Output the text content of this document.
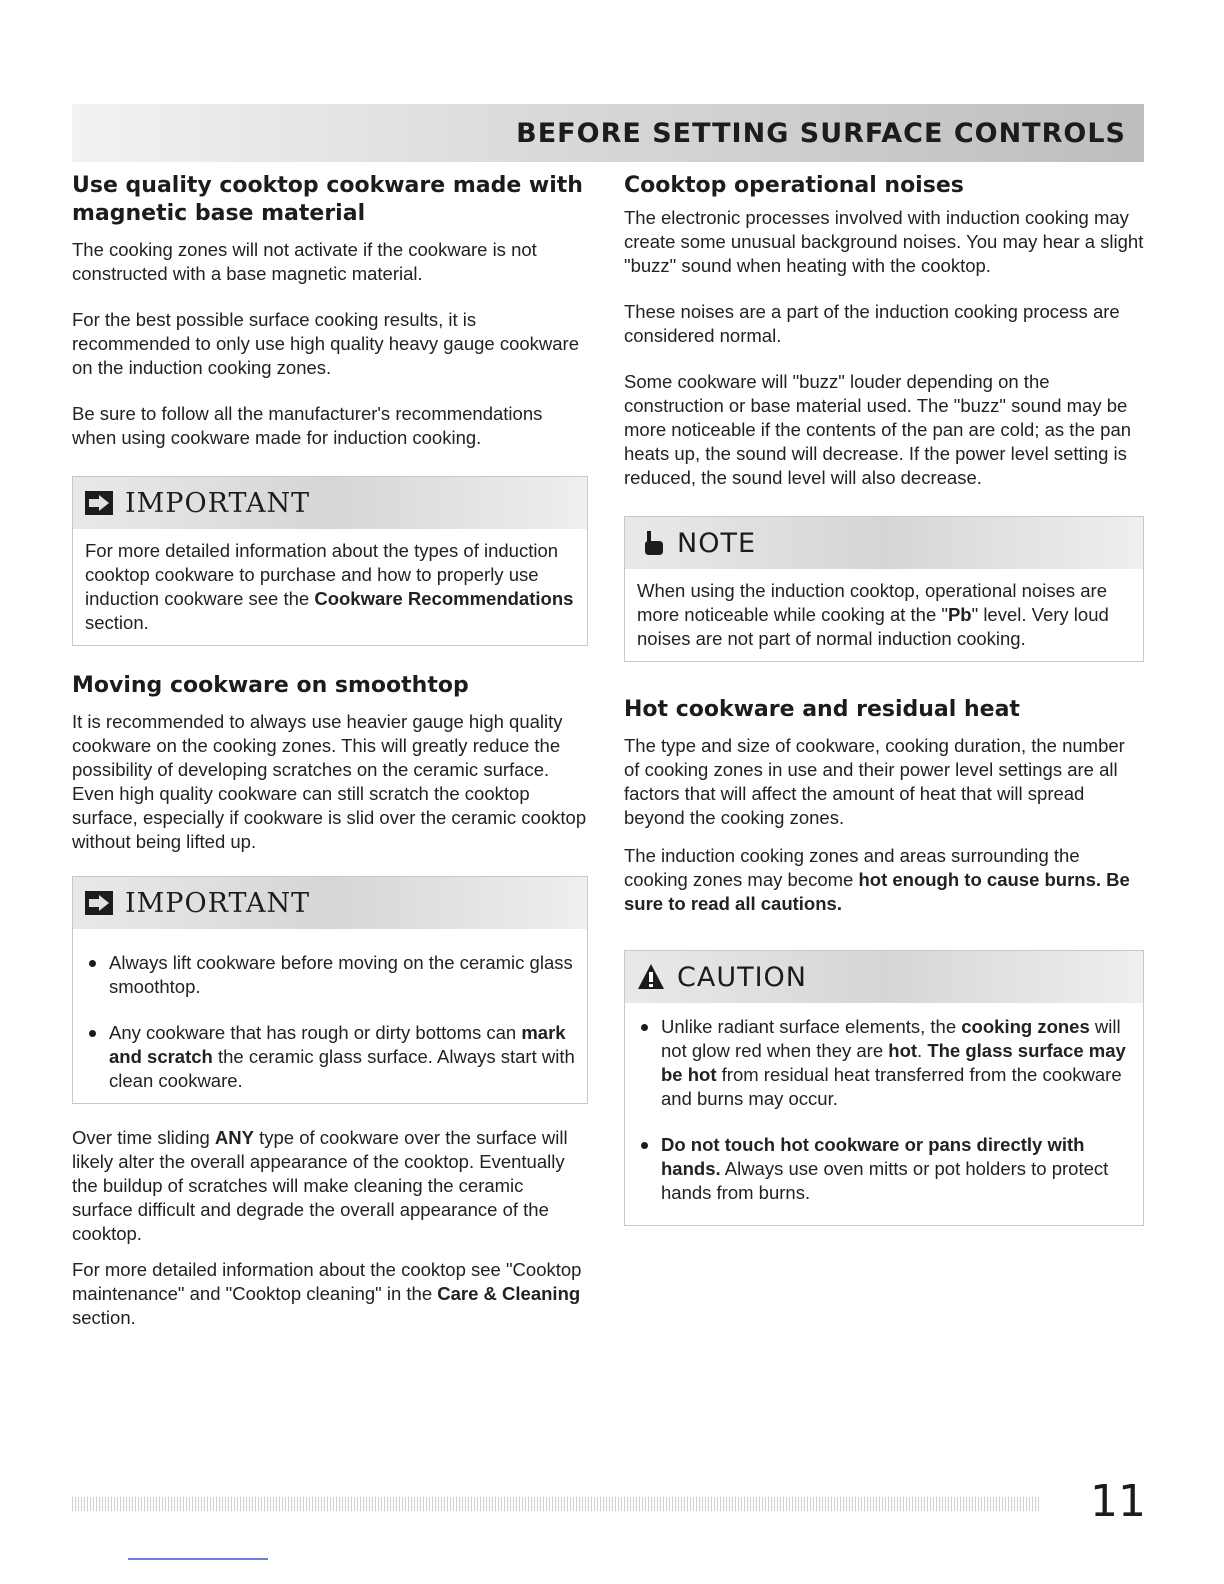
BEFORE SETTING SURFACE CONTROLS
Use quality cooktop cookware made with magnetic base material

The cooking zones will not activate if the cookware is not constructed with a base magnetic material.

For the best possible surface cooking results, it is recommended to only use high quality heavy gauge cookware on the induction cooking zones.

Be sure to follow all the manufacturer's recommendations when using cookware made for induction cooking.

IMPORTANT

For more detailed information about the types of induction cooktop cookware to purchase and how to properly use induction cookware see the Cookware Recommendations section.

Moving cookware on smoothtop

It is recommended to always use heavier gauge high quality cookware on the cooking zones. This will greatly reduce the possibility of developing scratches on the ceramic surface. Even high quality cookware can still scratch the cooktop surface, especially if cookware is slid over the ceramic cooktop without being lifted up.

IMPORTANT
Always lift cookware before moving on the ceramic glass smoothtop.
Any cookware that has rough or dirty bottoms can mark and scratch the ceramic glass surface. Always start with clean cookware.

Over time sliding ANY type of cookware over the surface will likely alter the overall appearance of the cooktop. Eventually the buildup of scratches will make cleaning the ceramic surface difficult and degrade the overall appearance of the cooktop.

For more detailed information about the cooktop see "Cooktop maintenance" and "Cooktop cleaning" in the Care & Cleaning section.

Cooktop operational noises

The electronic processes involved with induction cooking may create some unusual background noises. You may hear a slight "buzz" sound when heating with the cooktop.

These noises are a part of the induction cooking process are considered normal.

Some cookware will "buzz" louder depending on the construction or base material used. The "buzz" sound may be more noticeable if the contents of the pan are cold; as the pan heats up, the sound will decrease. If the power level setting is reduced, the sound level will also decrease.

NOTE

When using the induction cooktop, operational noises are more noticeable while cooking at the "Pb" level. Very loud noises are not part of normal induction cooking.

Hot cookware and residual heat

The type and size of cookware, cooking duration, the number of cooking zones in use and their power level settings are all factors that will affect the amount of heat that will spread beyond the cooking zones.

The induction cooking zones and areas surrounding the cooking zones may become hot enough to cause burns. Be sure to read all cautions.

CAUTION
Unlike radiant surface elements, the cooking zones will not glow red when they are hot. The glass surface may be hot from residual heat transferred from the cookware and burns may occur.
Do not touch hot cookware or pans directly with hands. Always use oven mitts or pot holders to protect hands from burns.
11
